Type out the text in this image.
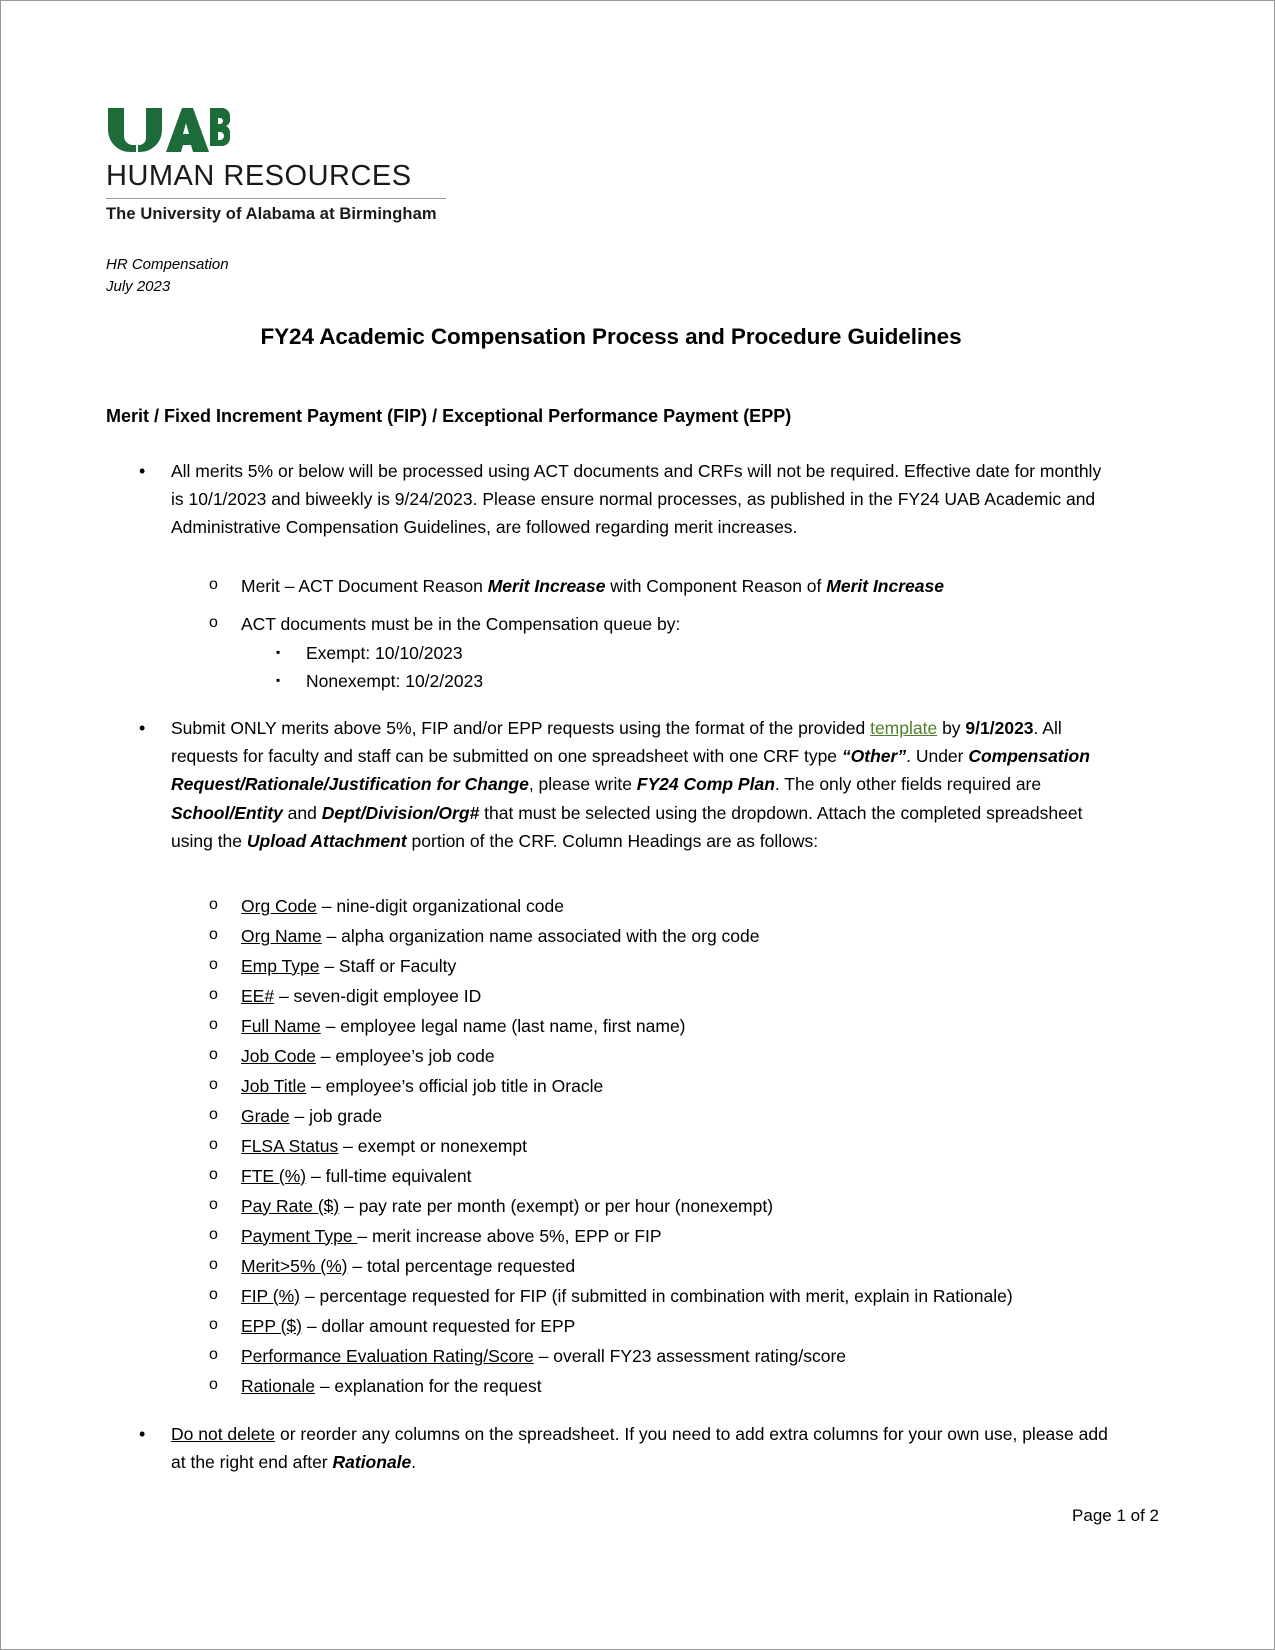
HUMAN RESOURCES
The University of Alabama at Birmingham
HR Compensation
July 2023
FY24 Academic Compensation Process and Procedure Guidelines
Merit / Fixed Increment Payment (FIP) / Exceptional Performance Payment (EPP)
• All merits 5% or below will be processed using ACT documents and CRFs will not be required. Effective date for monthly is 10/1/2023 and biweekly is 9/24/2023. Please ensure normal processes, as published in the FY24 UAB Academic and Administrative Compensation Guidelines, are followed regarding merit increases.
o Merit – ACT Document Reason Merit Increase with Component Reason of Merit Increase
o ACT documents must be in the Compensation queue by:
▪ Exempt: 10/10/2023
▪ Nonexempt: 10/2/2023
• Submit ONLY merits above 5%, FIP and/or EPP requests using the format of the provided template by 9/1/2023. All requests for faculty and staff can be submitted on one spreadsheet with one CRF type “Other”. Under Compensation Request/Rationale/Justification for Change, please write FY24 Comp Plan. The only other fields required are School/Entity and Dept/Division/Org# that must be selected using the dropdown. Attach the completed spreadsheet using the Upload Attachment portion of the CRF. Column Headings are as follows:
o Org Code – nine-digit organizational code
o Org Name – alpha organization name associated with the org code
o Emp Type – Staff or Faculty
o EE# – seven-digit employee ID
o Full Name – employee legal name (last name, first name)
o Job Code – employee’s job code
o Job Title – employee’s official job title in Oracle
o Grade – job grade
o FLSA Status – exempt or nonexempt
o FTE (%) – full-time equivalent
o Pay Rate ($) – pay rate per month (exempt) or per hour (nonexempt)
o Payment Type – merit increase above 5%, EPP or FIP
o Merit>5% (%) – total percentage requested
o FIP (%) – percentage requested for FIP (if submitted in combination with merit, explain in Rationale)
o EPP ($) – dollar amount requested for EPP
o Performance Evaluation Rating/Score – overall FY23 assessment rating/score
o Rationale – explanation for the request
• Do not delete or reorder any columns on the spreadsheet. If you need to add extra columns for your own use, please add at the right end after Rationale.
Page 1 of 2
